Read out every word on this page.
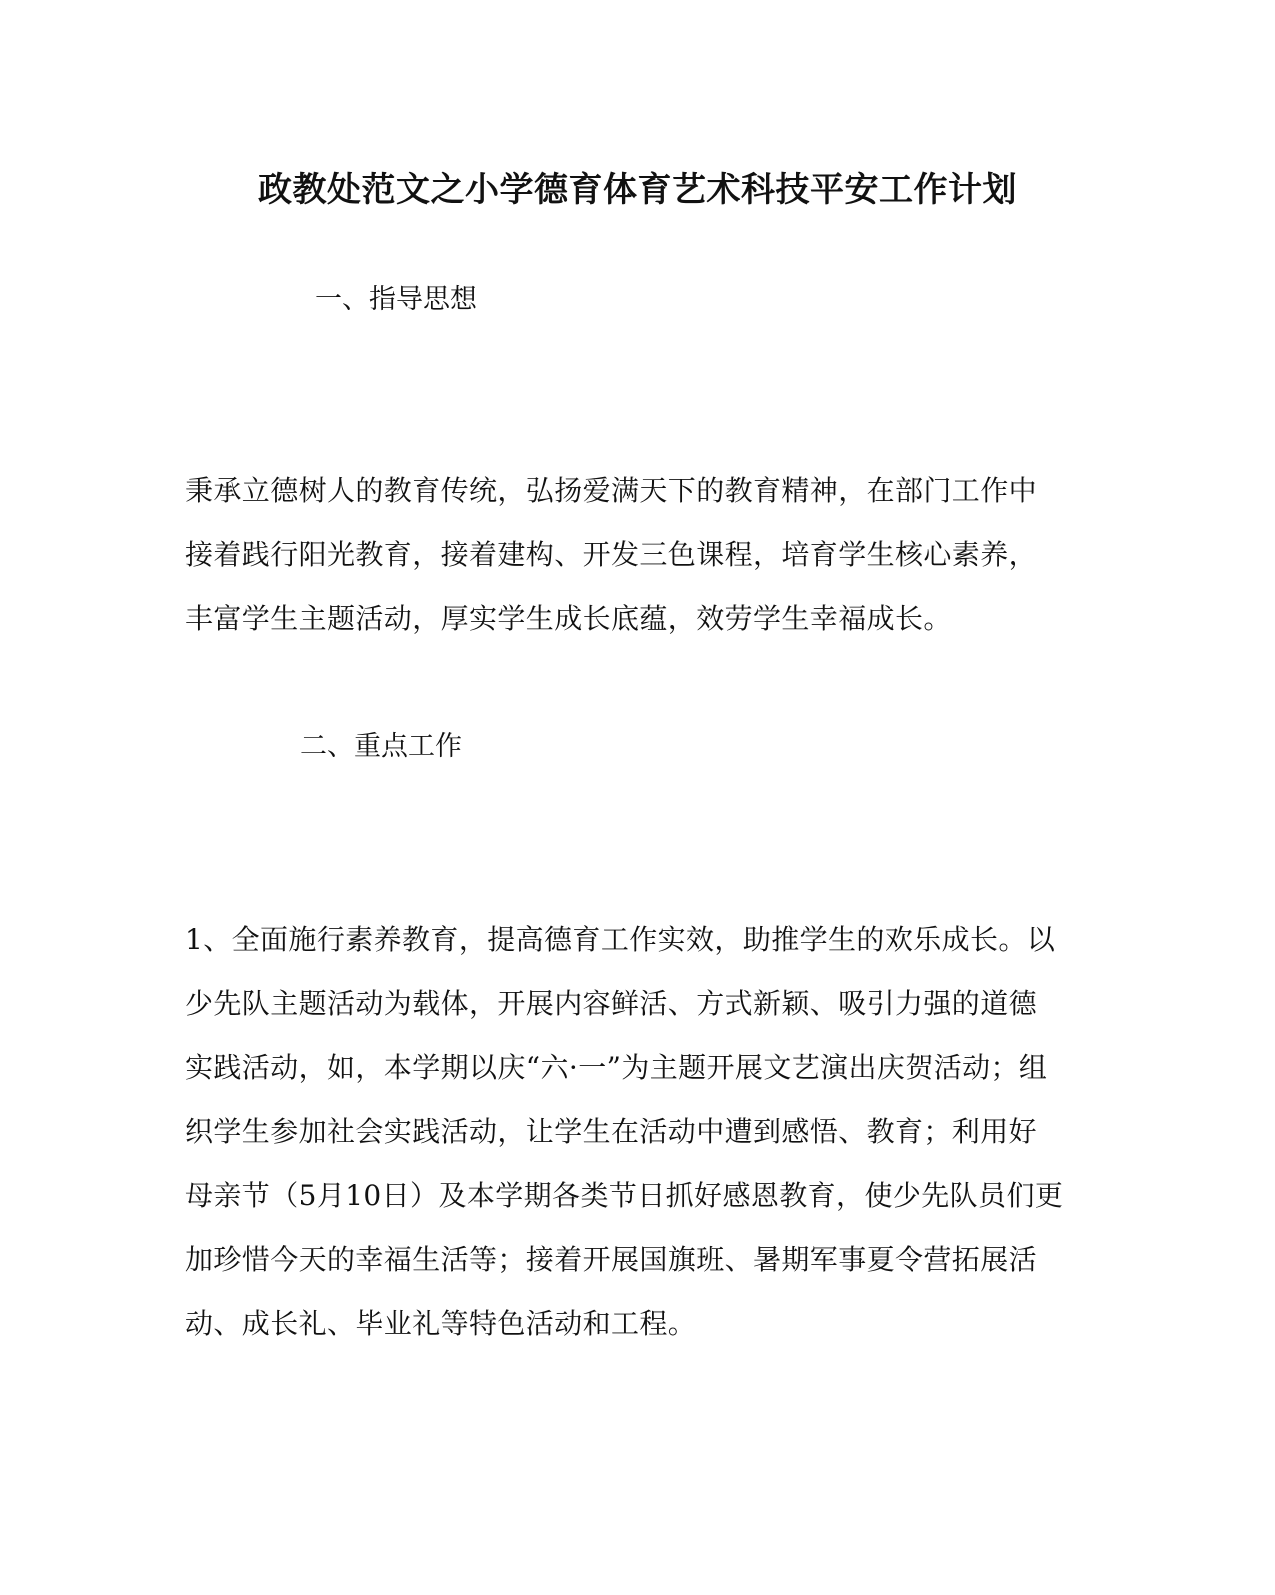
政教处范文之小学德育体育艺术科技平安工作计划
一、指导思想
秉承立德树人的教育传统，弘扬爱满天下的教育精神，在部门工作中
接着践行阳光教育，接着建构、开发三色课程，培育学生核心素养，
丰富学生主题活动，厚实学生成长底蕴，效劳学生幸福成长。
二、重点工作
1、全面施行素养教育，提高德育工作实效，助推学生的欢乐成长。以
少先队主题活动为载体，开展内容鲜活、方式新颖、吸引力强的道德
实践活动，如，本学期以庆“六·一”为主题开展文艺演出庆贺活动；组
织学生参加社会实践活动，让学生在活动中遭到感悟、教育；利用好
母亲节（5月10日）及本学期各类节日抓好感恩教育，使少先队员们更
加珍惜今天的幸福生活等；接着开展国旗班、暑期军事夏令营拓展活
动、成长礼、毕业礼等特色活动和工程。
